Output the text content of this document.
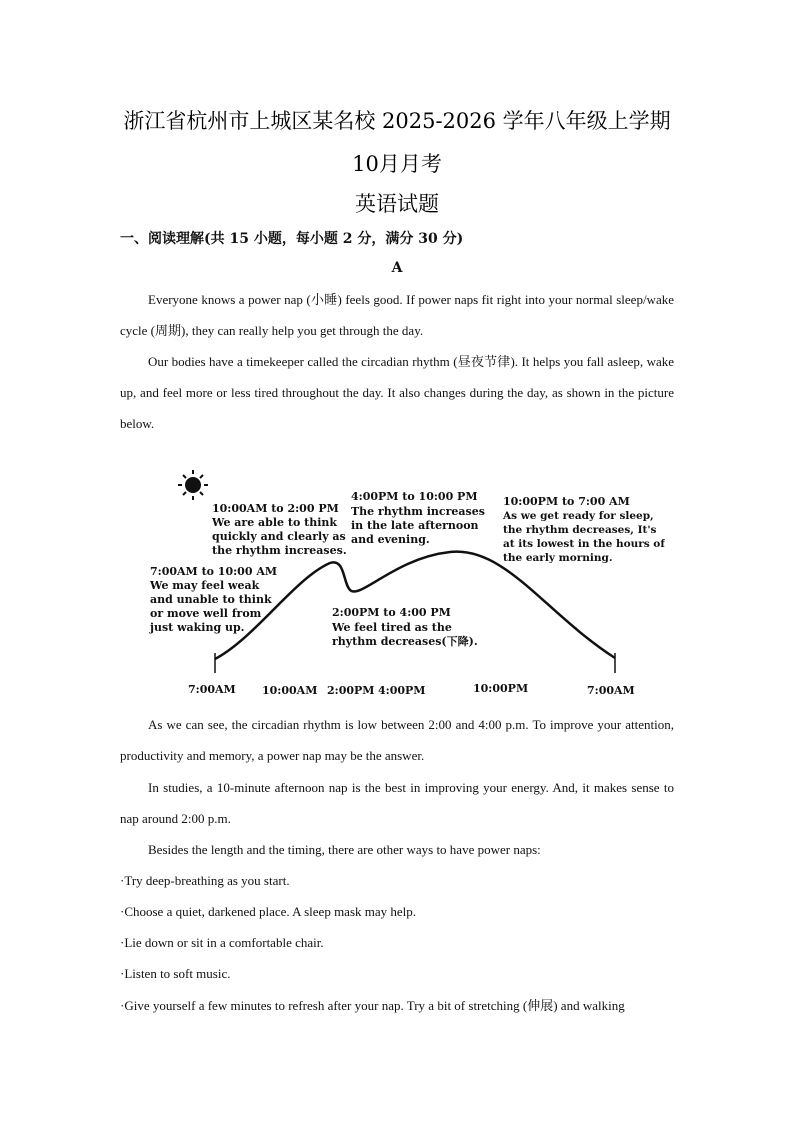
浙江省杭州市上城区某名校 2025-2026 学年八年级上学期
10月月考
英语试题
一、阅读理解(共 15 小题，每小题 2 分，满分 30 分)
A
Everyone knows a power nap (小睡) feels good. If power naps fit right into your normal sleep/wake cycle (周期), they can really help you get through the day.
Our bodies have a timekeeper called the circadian rhythm (昼夜节律). It helps you fall asleep, wake up, and feel more or less tired throughout the day. It also changes during the day, as shown in the picture below.
7:00AM to 10:00 AM
We may feel weak
and unable to think
or move well from
just waking up.
10:00AM to 2:00 PM
We are able to think
quickly and clearly as
the rhythm increases.
2:00PM to 4:00 PM
We feel tired as the
rhythm decreases(下降).
4:00PM to 10:00 PM
The rhythm increases
in the late afternoon
and evening.
10:00PM to 7:00 AM
As we get ready for sleep,
the rhythm decreases, It's
at its lowest in the hours of
the early morning.
7:00AM 10:00AM 2:00PM 4:00PM	10:00PM	7:00AM
As we can see, the circadian rhythm is low between 2:00 and 4:00 p.m. To improve your attention, productivity and memory, a power nap may be the answer.
In studies, a 10-minute afternoon nap is the best in improving your energy. And, it makes sense to nap around 2:00 p.m.
Besides the length and the timing, there are other ways to have power naps:
·Try deep-breathing as you start.
·Choose a quiet, darkened place. A sleep mask may help.
·Lie down or sit in a comfortable chair.
·Listen to soft music.
·Give yourself a few minutes to refresh after your nap. Try a bit of stretching (伸展) and walking
